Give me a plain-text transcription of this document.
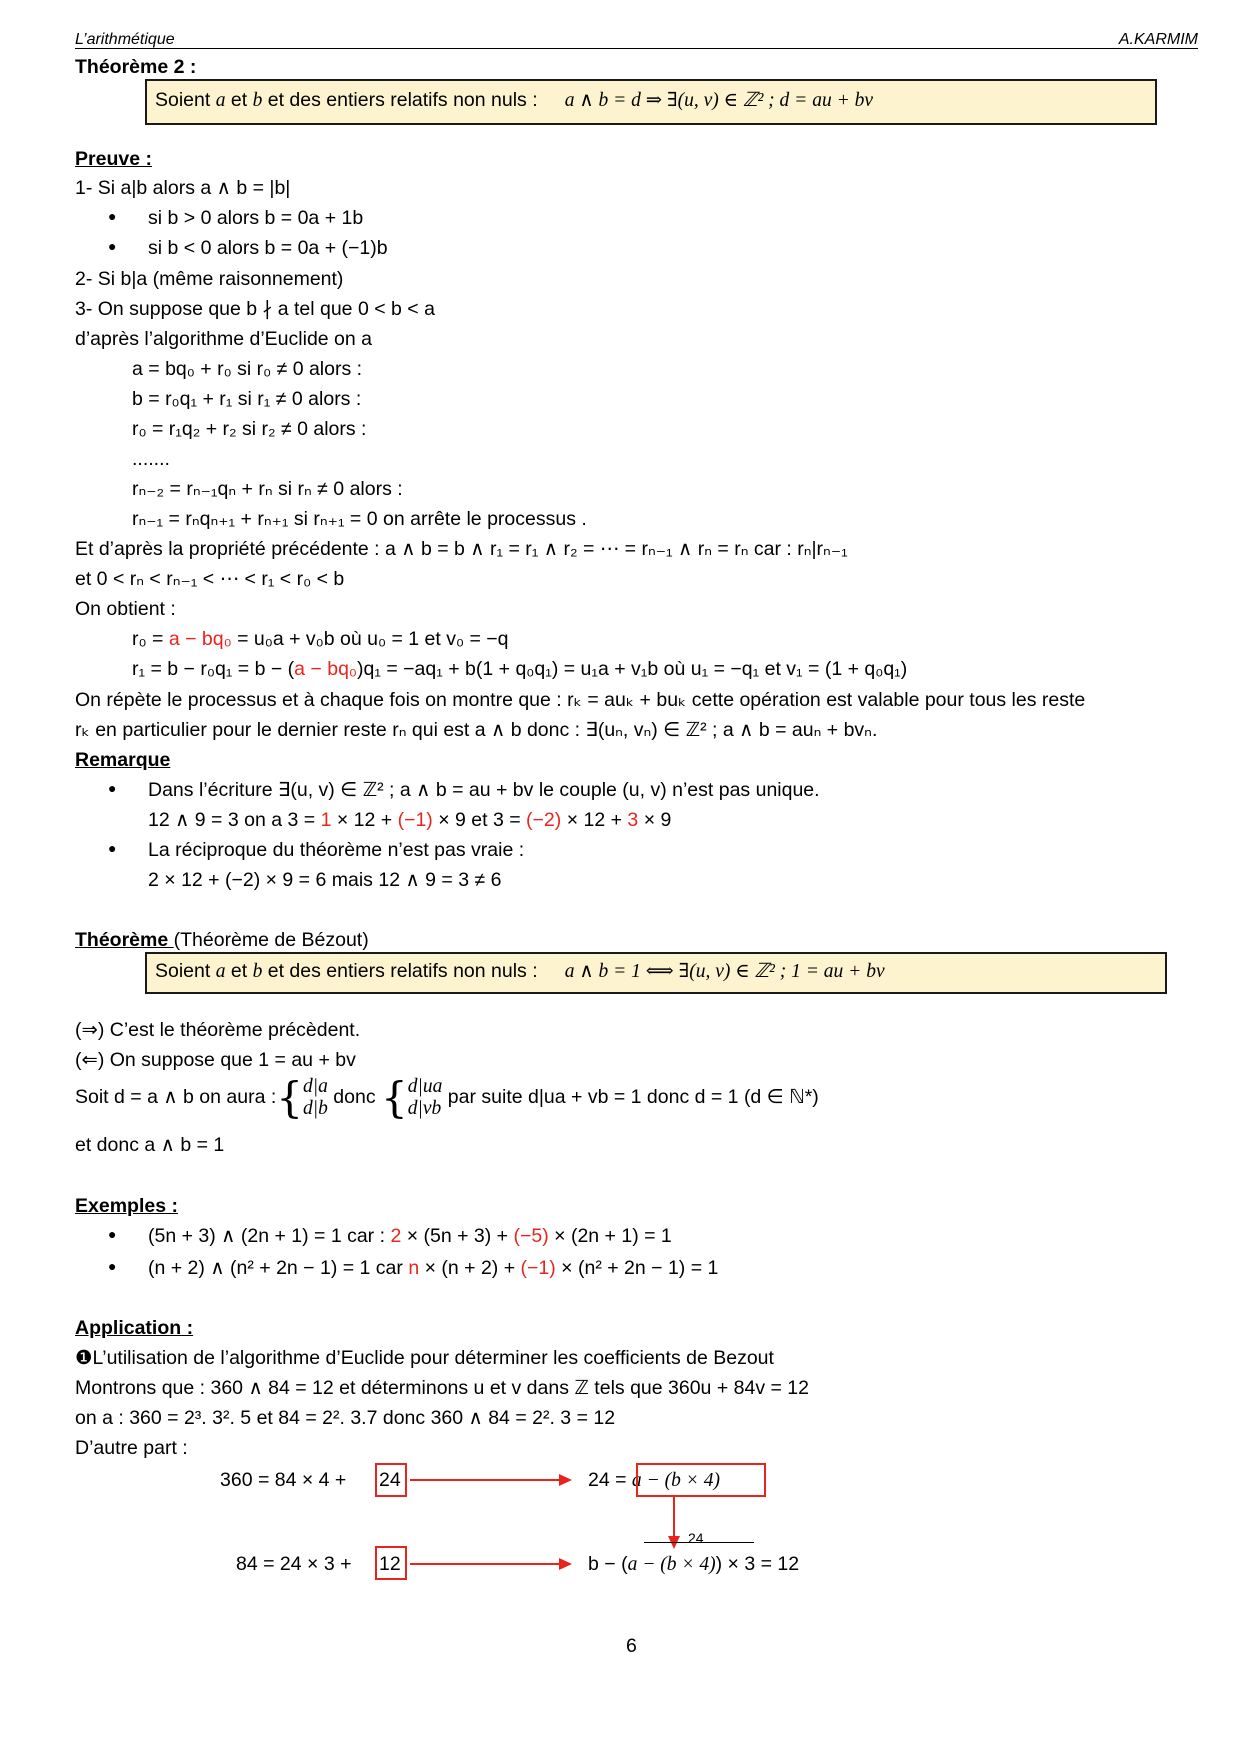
L’arithmétique	A.KARMIM
Théorème 2 :
Soient a et b et des entiers relatifs non nuls : a ∧ b = d ⇒ ∃(u, v) ∈ ℤ² ; d = au + bv
Preuve :
1- Si a|b alors a ∧ b = |b|
● si b > 0 alors b = 0a + 1b
● si b < 0 alors b = 0a + (−1)b
2- Si b|a (même raisonnement)
3- On suppose que b ∤ a tel que 0 < b < a
d’après l’algorithme d’Euclide on a
a = bq₀ + r₀ si r₀ ≠ 0 alors :
b = r₀q₁ + r₁ si r₁ ≠ 0 alors :
r₀ = r₁q₂ + r₂ si r₂ ≠ 0 alors :
.......
rₙ₋₂ = rₙ₋₁qₙ + rₙ si rₙ ≠ 0 alors :
rₙ₋₁ = rₙqₙ₊₁ + rₙ₊₁ si rₙ₊₁ = 0 on arrête le processus .
Et d’après la propriété précédente : a ∧ b = b ∧ r₁ = r₁ ∧ r₂ = ⋯ = rₙ₋₁ ∧ rₙ = rₙ car : rₙ|rₙ₋₁
et 0 < rₙ < rₙ₋₁ < ⋯ < r₁ < r₀ < b
On obtient :
r₀ = a − bq₀ = u₀a + v₀b où u₀ = 1 et v₀ = −q
r₁ = b − r₀q₁ = b − (a − bq₀)q₁ = −aq₁ + b(1 + q₀q₁) = u₁a + v₁b où u₁ = −q₁ et v₁ = (1 + q₀q₁)
On répète le processus et à chaque fois on montre que : rₖ = auₖ + buₖ cette opération est valable pour tous les reste
rₖ en particulier pour le dernier reste rₙ qui est a ∧ b donc : ∃(uₙ, vₙ) ∈ ℤ² ; a ∧ b = auₙ + bvₙ.
Remarque
● Dans l’écriture ∃(u, v) ∈ ℤ² ; a ∧ b = au + bv le couple (u, v) n’est pas unique.
12 ∧ 9 = 3 on a 3 = 1 × 12 + (−1) × 9 et 3 = (−2) × 12 + 3 × 9
● La réciproque du théorème n’est pas vraie :
2 × 12 + (−2) × 9 = 6 mais 12 ∧ 9 = 3 ≠ 6
Théorème (Théorème de Bézout)
Soient a et b et des entiers relatifs non nuls : a ∧ b = 1 ⟺ ∃(u, v) ∈ ℤ² ; 1 = au + bv
(⇒) C’est le théorème précèdent.
(⇐) On suppose que 1 = au + bv
Soit d = a ∧ b on aura :{d|a
d|b donc {d|ua
d|vb par suite d|ua + vb = 1 donc d = 1 (d ∈ ℕ*)
et donc a ∧ b = 1
Exemples :
● (5n + 3) ∧ (2n + 1) = 1 car : 2 × (5n + 3) + (−5) × (2n + 1) = 1
● (n + 2) ∧ (n² + 2n − 1) = 1 car n × (n + 2) + (−1) × (n² + 2n − 1) = 1
Application :
❶L’utilisation de l’algorithme d’Euclide pour déterminer les coefficients de Bezout
Montrons que : 360 ∧ 84 = 12 et déterminons u et v dans ℤ tels que 360u + 84v = 12
on a : 360 = 2³. 3². 5 et 84 = 2². 3.7 donc 360 ∧ 84 = 2². 3 = 12
D’autre part :
360 = 84 × 4 +	24	24 = a − (b × 4)
84 = 24 × 3 + 12
24
b − (a − (b × 4)) × 3 = 12
6
